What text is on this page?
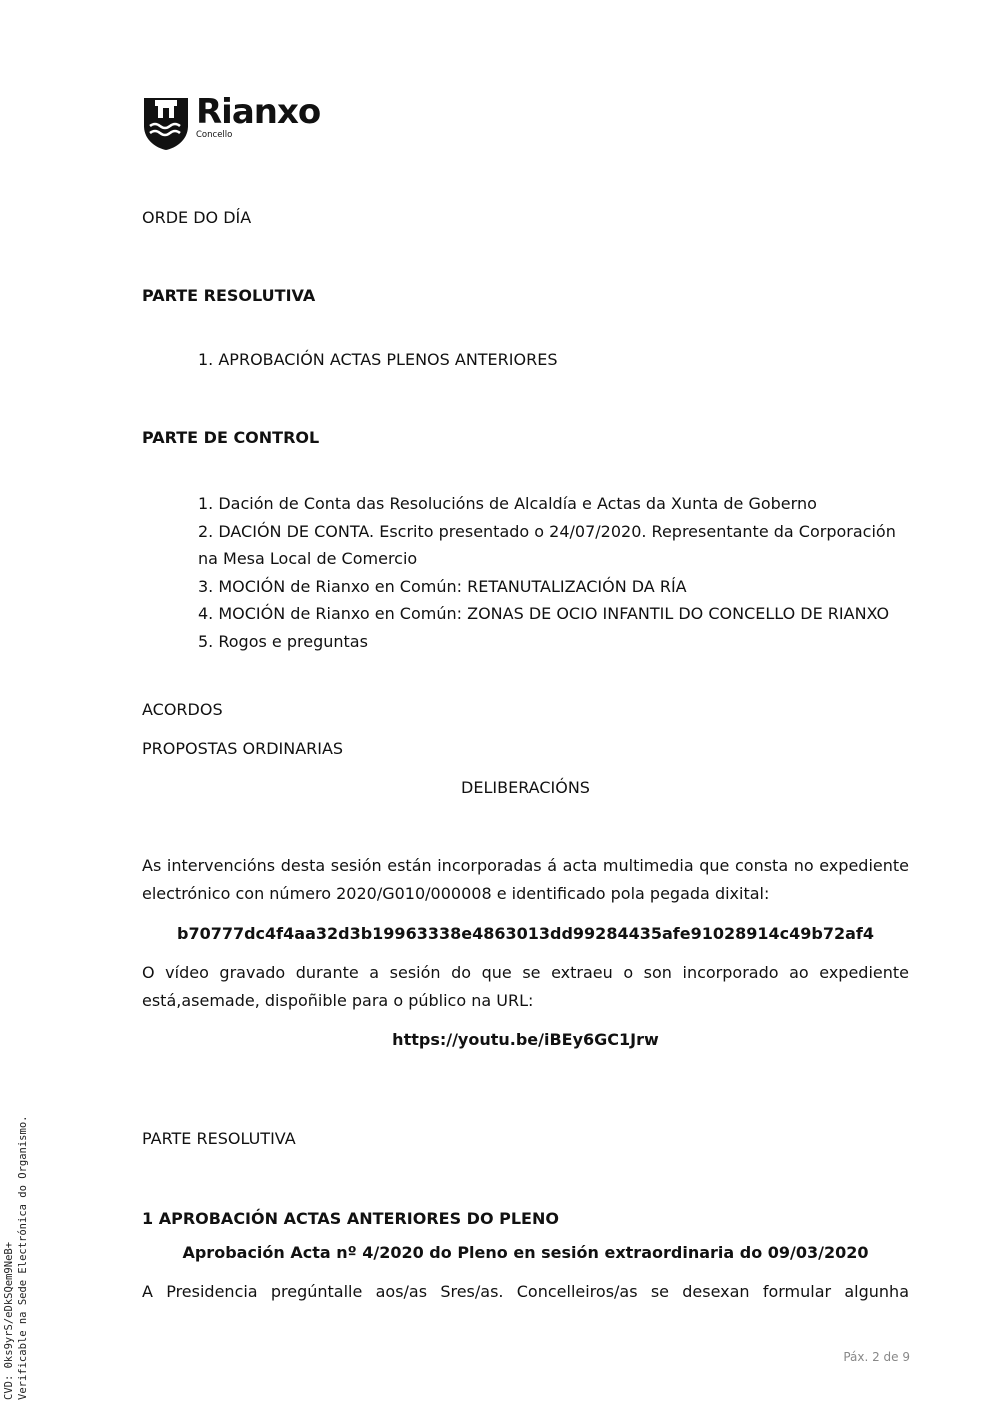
Rianxo
Concello
ORDE DO DÍA
PARTE RESOLUTIVA
1. APROBACIÓN ACTAS PLENOS ANTERIORES
PARTE DE CONTROL
1. Dación de Conta das Resolucións de Alcaldía e Actas da Xunta de Goberno
2. DACIÓN DE CONTA. Escrito presentado o 24/07/2020. Representante da Corporación na Mesa Local de Comercio
3. MOCIÓN de Rianxo en Común: RETANUTALIZACIÓN DA RÍA
4. MOCIÓN de Rianxo en Común: ZONAS DE OCIO INFANTIL DO CONCELLO DE RIANXO
5. Rogos e preguntas
ACORDOS
PROPOSTAS ORDINARIAS
DELIBERACIÓNS
As intervencións desta sesión están incorporadas á acta multimedia que consta no expediente electrónico con número 2020/G010/000008 e identificado pola pegada dixital:
b70777dc4f4aa32d3b19963338e4863013dd99284435afe91028914c49b72af4
O vídeo gravado durante a sesión do que se extraeu o son incorporado ao expediente está,asemade, dispoñible para o público na URL:
https://youtu.be/iBEy6GC1Jrw
PARTE RESOLUTIVA
1 APROBACIÓN ACTAS ANTERIORES DO PLENO
Aprobación Acta nº 4/2020 do Pleno en sesión extraordinaria do 09/03/2020
A Presidencia pregúntalle aos/as Sres/as. Concelleiros/as se desexan formular algunha
Páx. 2 de 9
CVD: 0ks9yrS/eDkSQem9NeB+ Verificable na Sede Electrónica do Organismo.
